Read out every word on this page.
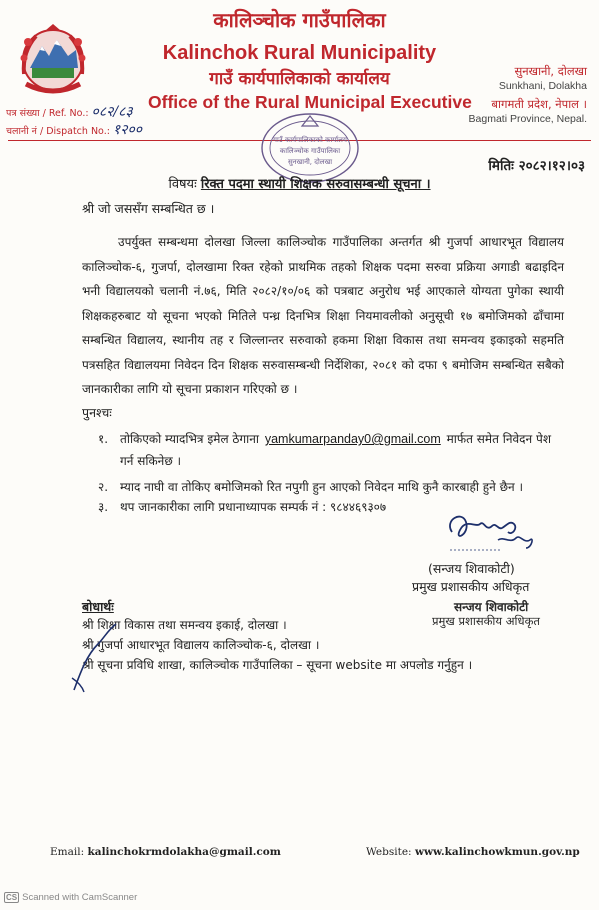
कालिञ्चोक गाउँपालिका
Kalinchok Rural Municipality
गाउँ कार्यपालिकाको कार्यालय
Office of the Rural Municipal Executive
सुनखानी, दोलखा
Sunkhani, Dolakha
बागमती प्रदेश, नेपाल ।
Bagmati Province, Nepal.
पत्र संख्या / Ref. No.: ०८२/८३
चलानी नं / Dispatch No.: १२००
गाउँ कार्यपालिकाको कार्यालय
कालिञ्चोक गाउँपालिका
सुनखानी, दोलखा	मितिः २०८२।१२।०३
विषयः रिक्त पदमा स्थायी शिक्षक सरुवासम्बन्धी सूचना ।
श्री जो जससँग सम्बन्धित छ ।
उपर्युक्त सम्बन्धमा दोलखा जिल्ला कालिञ्चोक गाउँपालिका अन्तर्गत श्री गुजर्पा आधारभूत विद्यालय कालिञ्चोक-६, गुजर्पा, दोलखामा रिक्त रहेको प्राथमिक तहको शिक्षक पदमा सरुवा प्रक्रिया अगाडी बढाइदिन भनी विद्यालयको चलानी नं.७६, मिति २०८२/१०/०६ को पत्रबाट अनुरोध भई आएकाले योग्यता पुगेका स्थायी शिक्षकहरुबाट यो सूचना भएको मितिले पन्ध्र दिनभित्र शिक्षा नियमावलीको अनुसूची १७ बमोजिमको ढाँचामा सम्बन्धित विद्यालय, स्थानीय तह र जिल्लान्तर सरुवाको हकमा शिक्षा विकास तथा समन्वय इकाइको सहमति पत्रसहित विद्यालयमा निवेदन दिन शिक्षक सरुवासम्बन्धी निर्देशिका, २०८१ को दफा ९ बमोजिम सम्बन्धित सबैको जानकारीका लागि यो सूचना प्रकाशन गरिएको छ ।
पुनश्चः
१. तोकिएको म्यादभित्र इमेल ठेगाना yamkumarpanday0@gmail.com मार्फत समेत निवेदन पेश गर्न सकिनेछ ।
२. म्याद नाघी वा तोकिए बमोजिमको रित नपुगी हुन आएको निवेदन माथि कुनै कारबाही हुने छैन ।
३. थप जानकारीका लागि प्रधानाध्यापक सम्पर्क नं : ९८४४६९३०७
(सन्जय शिवाकोटी)
प्रमुख प्रशासकीय अधिकृत
सन्जय शिवाकोटी
प्रमुख प्रशासकीय अधिकृत
बोधार्थः
श्री शिक्षा विकास तथा समन्वय इकाई, दोलखा ।
श्री गुजर्पा आधारभूत विद्यालय कालिञ्चोक-६, दोलखा ।
श्री सूचना प्रविधि शाखा, कालिञ्चोक गाउँपालिका – सूचना website मा अपलोड गर्नुहुन ।
Email: kalinchokrmdolakha@gmail.com	Website: www.kalinchowkmun.gov.np
CS Scanned with CamScanner
